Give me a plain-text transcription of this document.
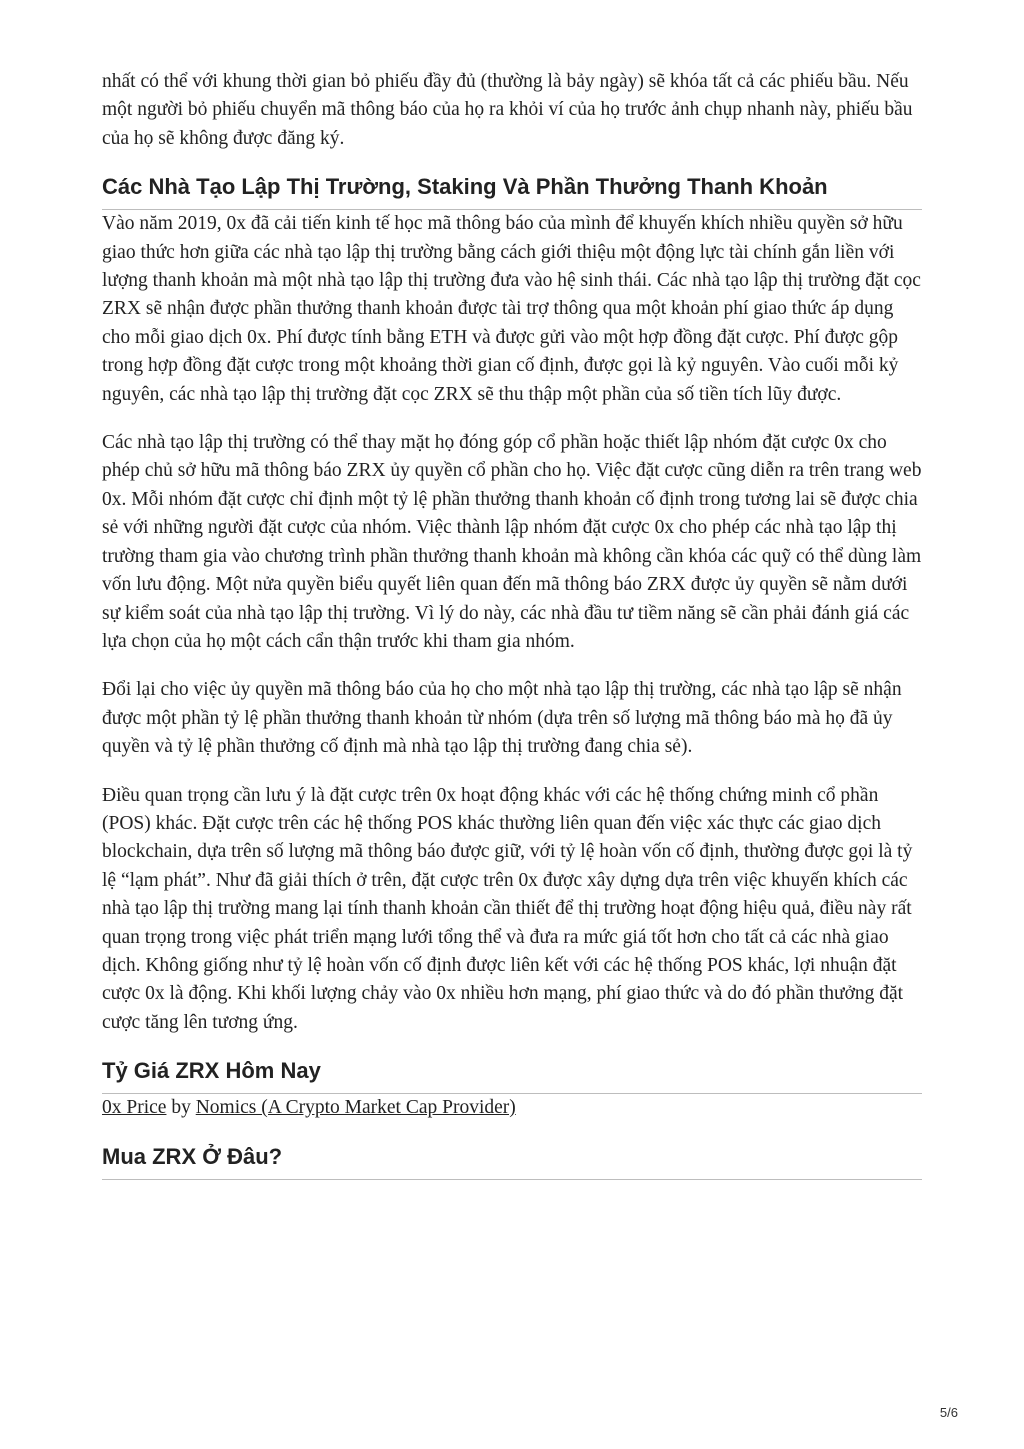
nhất có thể với khung thời gian bỏ phiếu đầy đủ (thường là bảy ngày) sẽ khóa tất cả các phiếu bầu. Nếu một người bỏ phiếu chuyển mã thông báo của họ ra khỏi ví của họ trước ảnh chụp nhanh này, phiếu bầu của họ sẽ không được đăng ký.

Các Nhà Tạo Lập Thị Trường, Staking Và Phần Thưởng Thanh Khoản

Vào năm 2019, 0x đã cải tiến kinh tế học mã thông báo của mình để khuyến khích nhiều quyền sở hữu giao thức hơn giữa các nhà tạo lập thị trường bằng cách giới thiệu một động lực tài chính gắn liền với lượng thanh khoản mà một nhà tạo lập thị trường đưa vào hệ sinh thái. Các nhà tạo lập thị trường đặt cọc ZRX sẽ nhận được phần thưởng thanh khoản được tài trợ thông qua một khoản phí giao thức áp dụng cho mỗi giao dịch 0x. Phí được tính bằng ETH và được gửi vào một hợp đồng đặt cược. Phí được gộp trong hợp đồng đặt cược trong một khoảng thời gian cố định, được gọi là kỷ nguyên. Vào cuối mỗi kỷ nguyên, các nhà tạo lập thị trường đặt cọc ZRX sẽ thu thập một phần của số tiền tích lũy được.

Các nhà tạo lập thị trường có thể thay mặt họ đóng góp cổ phần hoặc thiết lập nhóm đặt cược 0x cho phép chủ sở hữu mã thông báo ZRX ủy quyền cổ phần cho họ. Việc đặt cược cũng diễn ra trên trang web 0x. Mỗi nhóm đặt cược chỉ định một tỷ lệ phần thưởng thanh khoản cố định trong tương lai sẽ được chia sẻ với những người đặt cược của nhóm. Việc thành lập nhóm đặt cược 0x cho phép các nhà tạo lập thị trường tham gia vào chương trình phần thưởng thanh khoản mà không cần khóa các quỹ có thể dùng làm vốn lưu động. Một nửa quyền biểu quyết liên quan đến mã thông báo ZRX được ủy quyền sẽ nằm dưới sự kiểm soát của nhà tạo lập thị trường. Vì lý do này, các nhà đầu tư tiềm năng sẽ cần phải đánh giá các lựa chọn của họ một cách cẩn thận trước khi tham gia nhóm.

Đổi lại cho việc ủy quyền mã thông báo của họ cho một nhà tạo lập thị trường, các nhà tạo lập sẽ nhận được một phần tỷ lệ phần thưởng thanh khoản từ nhóm (dựa trên số lượng mã thông báo mà họ đã ủy quyền và tỷ lệ phần thưởng cố định mà nhà tạo lập thị trường đang chia sẻ).

Điều quan trọng cần lưu ý là đặt cược trên 0x hoạt động khác với các hệ thống chứng minh cổ phần (POS) khác. Đặt cược trên các hệ thống POS khác thường liên quan đến việc xác thực các giao dịch blockchain, dựa trên số lượng mã thông báo được giữ, với tỷ lệ hoàn vốn cố định, thường được gọi là tỷ lệ “lạm phát”. Như đã giải thích ở trên, đặt cược trên 0x được xây dựng dựa trên việc khuyến khích các nhà tạo lập thị trường mang lại tính thanh khoản cần thiết để thị trường hoạt động hiệu quả, điều này rất quan trọng trong việc phát triển mạng lưới tổng thể và đưa ra mức giá tốt hơn cho tất cả các nhà giao dịch. Không giống như tỷ lệ hoàn vốn cố định được liên kết với các hệ thống POS khác, lợi nhuận đặt cược 0x là động. Khi khối lượng chảy vào 0x nhiều hơn mạng, phí giao thức và do đó phần thưởng đặt cược tăng lên tương ứng.

Tỷ Giá ZRX Hôm Nay

0x Price by Nomics (A Crypto Market Cap Provider)

Mua ZRX Ở Đâu?
5/6
